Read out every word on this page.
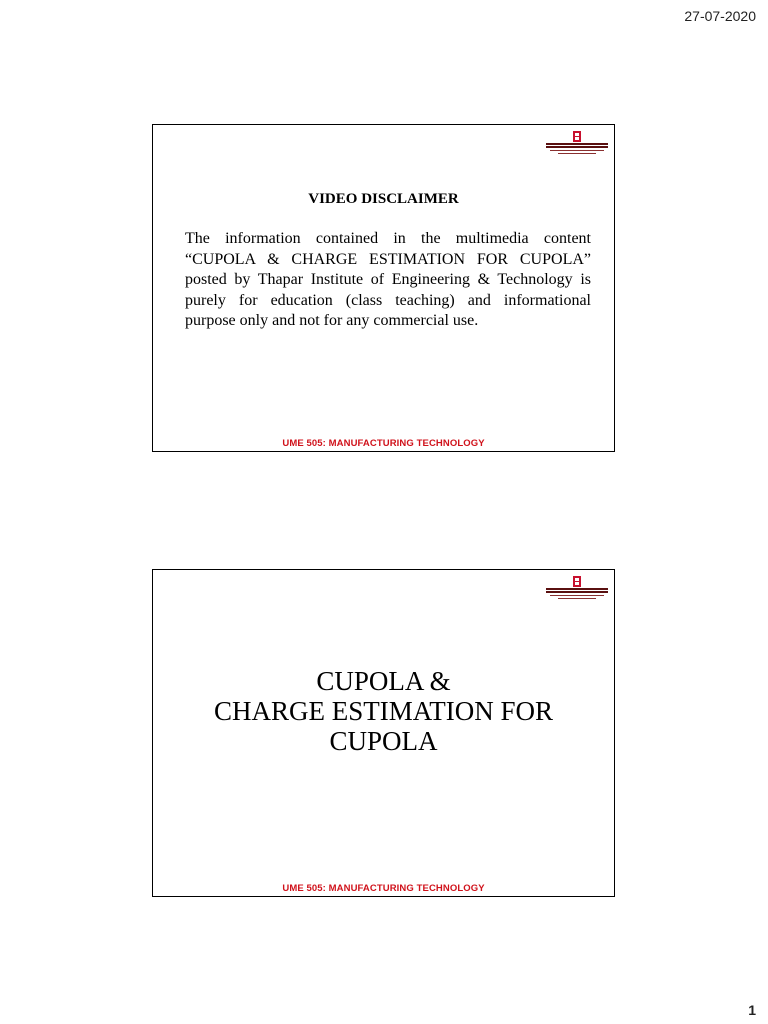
27-07-2020
VIDEO DISCLAIMER

The information contained in the multimedia content “CUPOLA & CHARGE ESTIMATION FOR CUPOLA” posted by Thapar Institute of Engineering & Technology is purely for education (class teaching) and informational purpose only and not for any commercial use.

UME 505: MANUFACTURING TECHNOLOGY
CUPOLA &
CHARGE ESTIMATION FOR
CUPOLA
UME 505: MANUFACTURING TECHNOLOGY
1
